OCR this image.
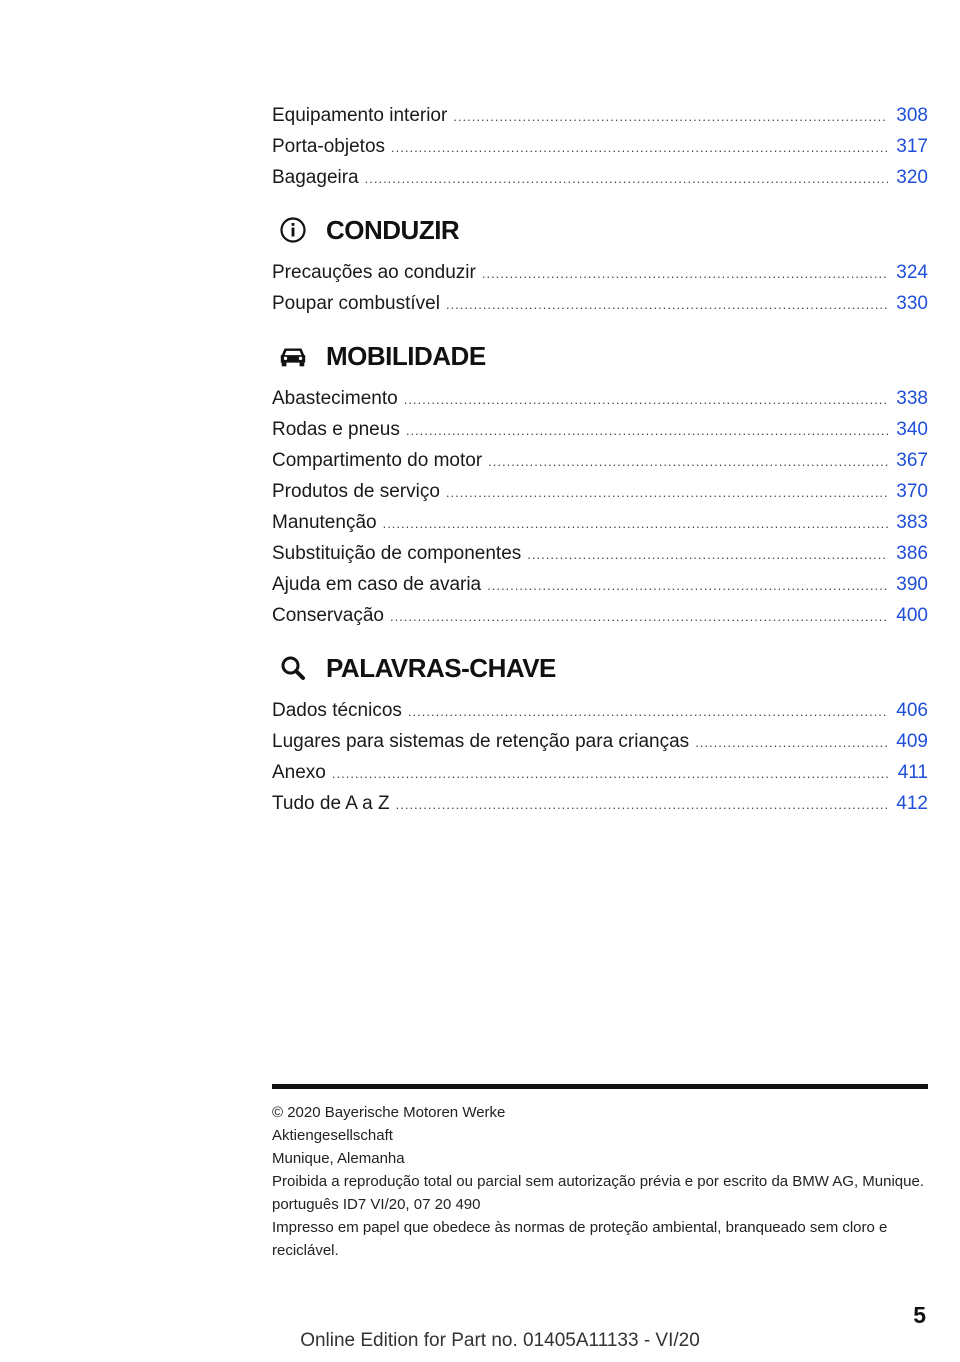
Equipamento interior .....	308
Porta-objetos .....	317
Bagageira .....	320
CONDUZIR
Precauções ao conduzir .....	324
Poupar combustível .....	330
MOBILIDADE
Abastecimento .....	338
Rodas e pneus .....	340
Compartimento do motor .....	367
Produtos de serviço .....	370
Manutenção .....	383
Substituição de componentes .....	386
Ajuda em caso de avaria .....	390
Conservação .....	400
PALAVRAS-CHAVE
Dados técnicos .....	406
Lugares para sistemas de retenção para crianças .....	409
Anexo .....	411
Tudo de A a Z .....	412
© 2020 Bayerische Motoren Werke
Aktiengesellschaft
Munique, Alemanha
Proibida a reprodução total ou parcial sem autorização prévia e por escrito da BMW AG, Munique.
português ID7 VI/20, 07 20 490
Impresso em papel que obedece às normas de proteção ambiental, branqueado sem cloro e reciclável.
5
Online Edition for Part no. 01405A11133 - VI/20
